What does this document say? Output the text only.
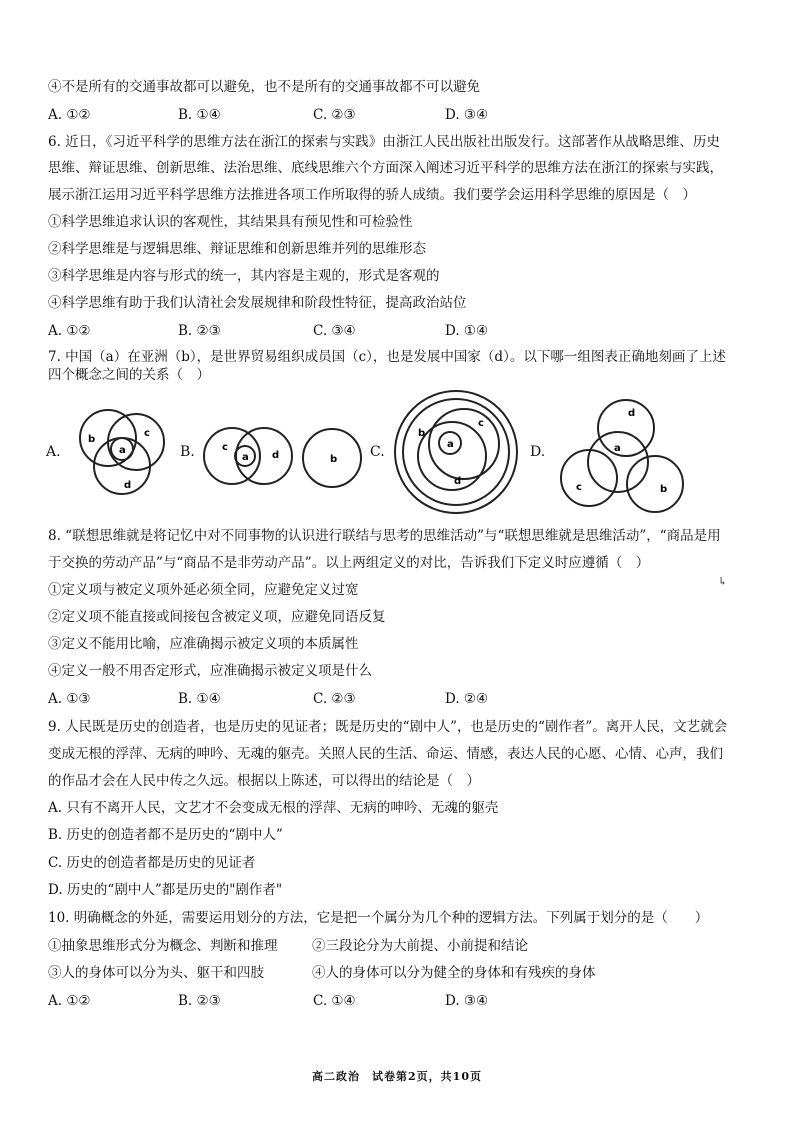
④不是所有的交通事故都可以避免，也不是所有的交通事故都不可以避免
A. ①②	B. ①④	C. ②③	D. ③④
6. 近日，《习近平科学的思维方法在浙江的探索与实践》由浙江人民出版社出版发行。这部著作从战略思维、历史
思维、辩证思维、创新思维、法治思维、底线思维六个方面深入阐述习近平科学的思维方法在浙江的探索与实践，
展示浙江运用习近平科学思维方法推进各项工作所取得的骄人成绩。我们要学会运用科学思维的原因是（　）
①科学思维追求认识的客观性，其结果具有预见性和可检验性
②科学思维是与逻辑思维、辩证思维和创新思维并列的思维形态
③科学思维是内容与形式的统一，其内容是主观的，形式是客观的
④科学思维有助于我们认清社会发展规律和阶段性特征，提高政治站位
A. ①②	B. ②③	C. ③④	D. ①④
7. 中国（a）在亚洲（b），是世界贸易组织成员国（c），也是发展中国家（d）。以下哪一组图表正确地刻画了上述
四个概念之间的关系（　）
A.
b
c
a
d
B.	c
a d	b C.
b
c
a
d
D.
d
a
c	b
8. “联想思维就是将记忆中对不同事物的认识进行联结与思考的思维活动”与“联想思维就是思维活动”，“商品是用
于交换的劳动产品”与“商品不是非劳动产品”。以上两组定义的对比，告诉我们下定义时应遵循（　）
①定义项与被定义项外延必须全同，应避免定义过宽
②定义项不能直接或间接包含被定义项，应避免同语反复
③定义不能用比喻，应准确揭示被定义项的本质属性
④定义一般不用否定形式，应准确揭示被定义项是什么
A. ①③	B. ①④	C. ②③	D. ②④
9. 人民既是历史的创造者，也是历史的见证者；既是历史的“剧中人”，也是历史的“剧作者”。离开人民，文艺就会
变成无根的浮萍、无病的呻吟、无魂的躯壳。关照人民的生活、命运、情感，表达人民的心愿、心情、心声，我们
的作品才会在人民中传之久远。根据以上陈述，可以得出的结论是（　）
A. 只有不离开人民，文艺才不会变成无根的浮萍、无病的呻吟、无魂的躯壳
B. 历史的创造者都不是历史的“剧中人”
C. 历史的创造者都是历史的见证者
D. 历史的“剧中人”都是历史的"剧作者"
10. 明确概念的外延，需要运用划分的方法，它是把一个属分为几个种的逻辑方法。下列属于划分的是（　　）
①抽象思维形式分为概念、判断和推理	②三段论分为大前提、小前提和结论
③人的身体可以分为头、躯干和四肢	④人的身体可以分为健全的身体和有残疾的身体
A. ①②	B. ②③	C. ①④	D. ③④
↳
高二政治　试卷第2页，共10页
